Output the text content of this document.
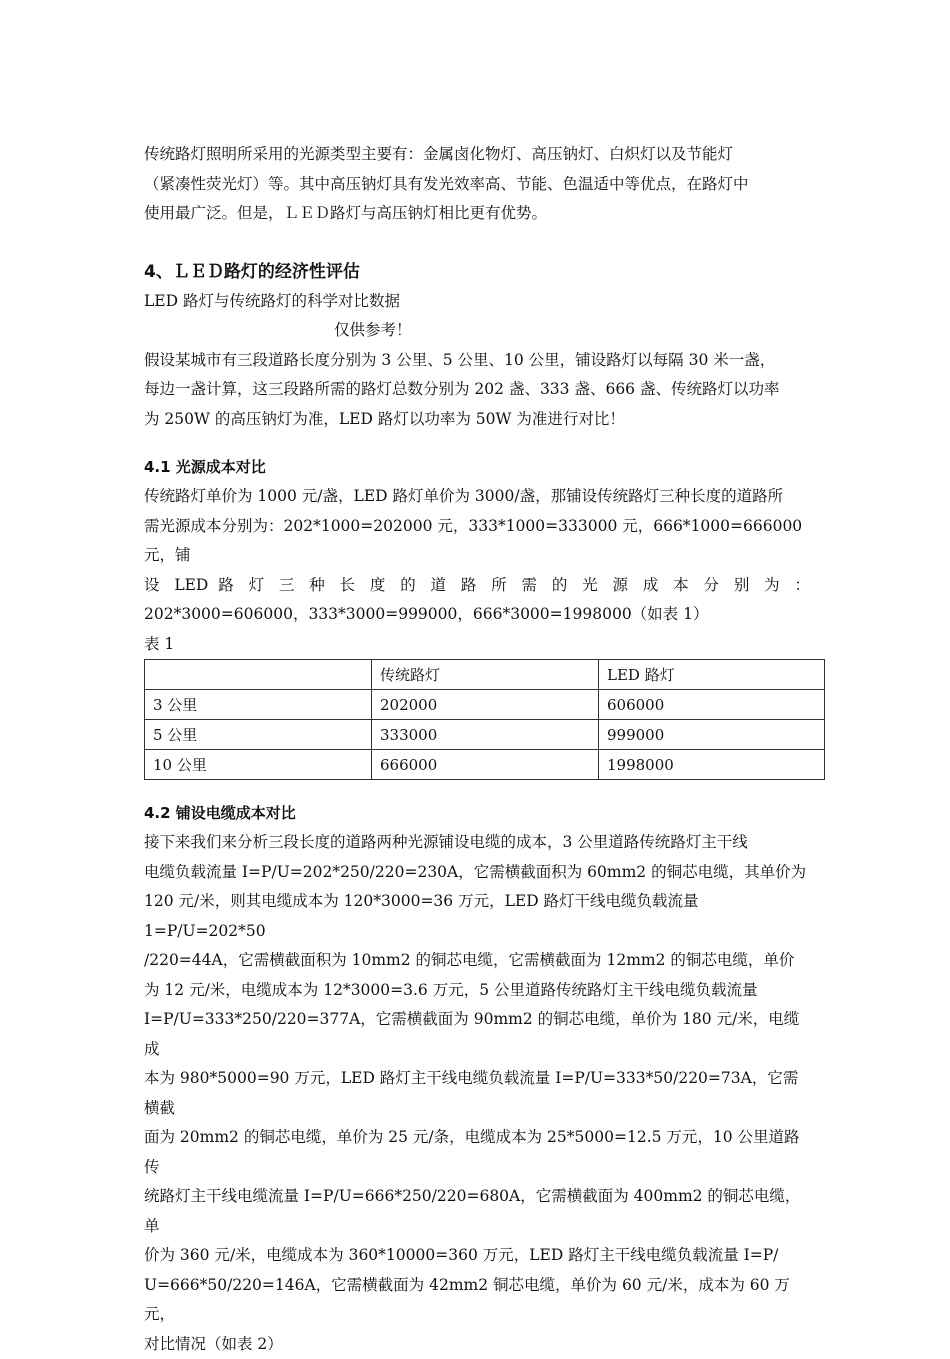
传统路灯照明所采用的光源类型主要有：金属卤化物灯、高压钠灯、白炽灯以及节能灯

（紧凑性荧光灯）等。其中高压钠灯具有发光效率高、节能、色温适中等优点，在路灯中

使用最广泛。但是，ＬＥＤ路灯与高压钠灯相比更有优势。

4、ＬＥＤ路灯的经济性评估

LED 路灯与传统路灯的科学对比数据

仅供参考！

假设某城市有三段道路长度分别为 3 公里、5 公里、10 公里，铺设路灯以每隔 30 米一盏，

每边一盏计算，这三段路所需的路灯总数分别为 202 盏、333 盏、666 盏、传统路灯以功率

为 250W 的高压钠灯为准，LED 路灯以功率为 50W 为准进行对比！

4.1 光源成本对比

传统路灯单价为 1000 元/盏，LED 路灯单价为 3000/盏，那铺设传统路灯三种长度的道路所

需光源成本分别为：202*1000=202000 元，333*1000=333000 元，666*1000=666000 元，铺

设 LED 路 灯 三 种 长 度 的 道 路 所 需 的 光 源 成 本 分 别 为 ：

202*3000=606000，333*3000=999000，666*3000=1998000（如表 1）

表 1

	传统路灯	LED 路灯
3 公里	202000	606000
5 公里	333000	999000
10 公里	666000	1998000
4.2 铺设电缆成本对比

接下来我们来分析三段长度的道路两种光源铺设电缆的成本，3 公里道路传统路灯主干线

电缆负载流量 I=P/U=202*250/220=230A，它需横截面积为 60mm2 的铜芯电缆，其单价为

120 元/米，则其电缆成本为 120*3000=36 万元，LED 路灯干线电缆负载流量 1=P/U=202*50

/220=44A，它需横截面积为 10mm2 的铜芯电缆，它需横截面为 12mm2 的铜芯电缆，单价

为 12 元/米，电缆成本为 12*3000=3.6 万元，5 公里道路传统路灯主干线电缆负载流量

I=P/U=333*250/220=377A，它需横截面为 90mm2 的铜芯电缆，单价为 180 元/米，电缆成

本为 980*5000=90 万元，LED 路灯主干线电缆负载流量 I=P/U=333*50/220=73A，它需横截

面为 20mm2 的铜芯电缆，单价为 25 元/条，电缆成本为 25*5000=12.5 万元，10 公里道路传

统路灯主干线电缆流量 I=P/U=666*250/220=680A，它需横截面为 400mm2 的铜芯电缆，单

价为 360 元/米，电缆成本为 360*10000=360 万元，LED 路灯主干线电缆负载流量 I=P/

U=666*50/220=146A，它需横截面为 42mm2 铜芯电缆，单价为 60 元/米，成本为 60 万元，

对比情况（如表 2）
